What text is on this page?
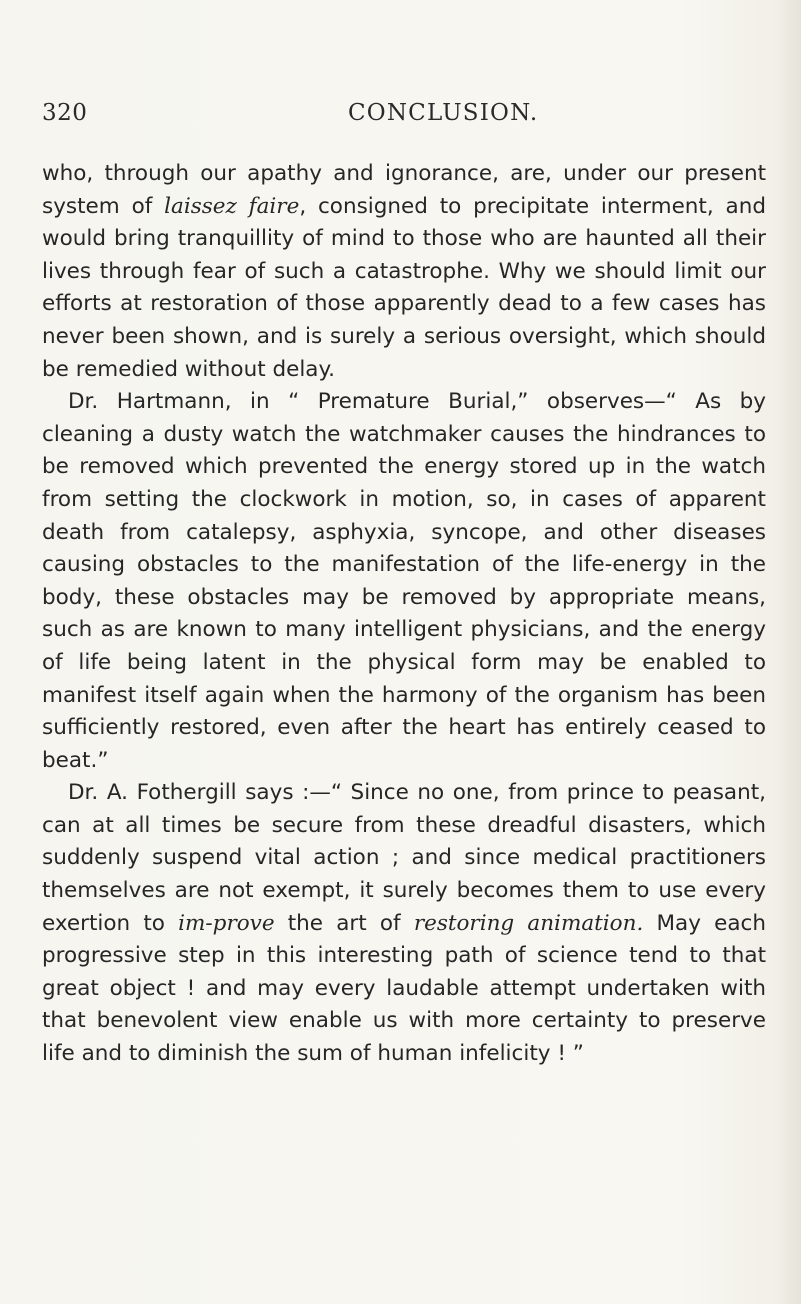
320	CONCLUSION.

who, through our apathy and ignorance, are, under our present system of laissez faire, consigned to precipitate interment, and would bring tranquillity of mind to those who are haunted all their lives through fear of such a catastrophe. Why we should limit our efforts at restoration of those apparently dead to a few cases has never been shown, and is surely a serious oversight, which should be remedied without delay.

Dr. Hartmann, in “ Premature Burial,” observes—“ As by cleaning a dusty watch the watchmaker causes the hindrances to be removed which prevented the energy stored up in the watch from setting the clockwork in motion, so, in cases of apparent death from catalepsy, asphyxia, syncope, and other diseases causing obstacles to the manifestation of the life-energy in the body, these obstacles may be removed by appropriate means, such as are known to many intelligent physicians, and the energy of life being latent in the physical form may be enabled to manifest itself again when the harmony of the organism has been sufficiently restored, even after the heart has entirely ceased to beat.”

Dr. A. Fothergill says :—“ Since no one, from prince to peasant, can at all times be secure from these dreadful disasters, which suddenly suspend vital action ; and since medical practitioners themselves are not exempt, it surely becomes them to use every exertion to im-prove the art of restoring animation. May each progressive step in this interesting path of science tend to that great object ! and may every laudable attempt undertaken with that benevolent view enable us with more certainty to preserve life and to diminish the sum of human infelicity ! ”
